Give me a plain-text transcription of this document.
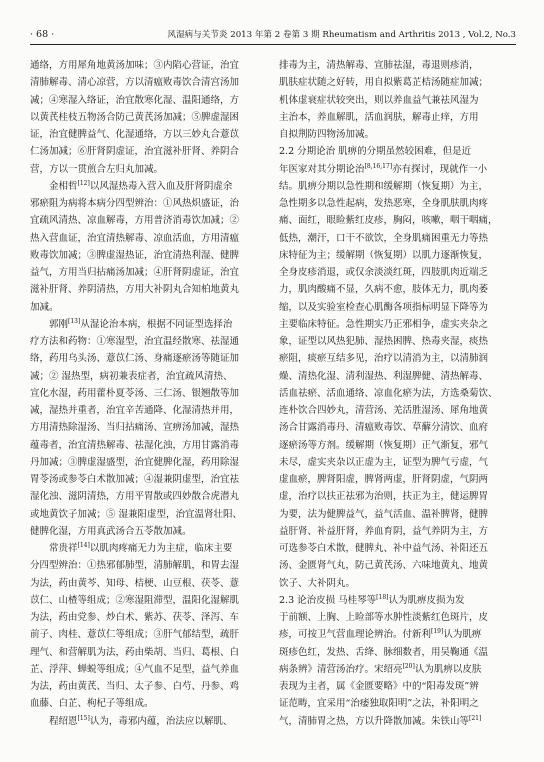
· 68 ·	风湿病与关节炎 2013 年第 2 卷第 3 期 Rheumatism and Arthritis 2013 , Vol.2, No.3
通络，方用犀角地黄汤加味；③内陷心营证，治宜
清肺解毒、清心凉营，方以清瘟败毒饮合清宫汤加
减；④寒湿入络证，治宜散寒化湿、温阳通络，方
以黄芪桂枝五物汤合防己黄芪汤加减；⑤脾虚湿困
证，治宜健脾益气、化湿通络，方以三妙丸合薏苡
仁汤加减；⑥肝肾阴虚证，治宜滋补肝肾、养阴合
营，方以一贯煎合左归丸加减。
金相哲[12]以风湿热毒入营入血及肝肾阴虚余
邪瘀阻为病将本病分四型辨治：①风热炽盛证，治
宜疏风清热、凉血解毒，方用普济消毒饮加减；②
热入营血证，治宜清热解毒、凉血活血，方用清瘟
败毒饮加减；③脾虚湿热证，治宜清热利湿、健脾
益气，方用当归拈痛汤加减；④肝肾阴虚证，治宜
滋补肝肾、养阴清热，方用大补阴丸合知柏地黄丸
加减。
郭刚[13]从湿论治本病，根据不同证型选择治
疗方法和药物：①寒湿型，治宜温经散寒、祛湿通
络，药用乌头汤、薏苡仁汤、身痛逐瘀汤等随证加
减；② 湿热型，病初兼表症者，治宜疏风清热、
宣化水湿，药用藿朴夏苓汤、三仁汤、银翘散等加
减，湿热并重者，治宜辛苦通降、化湿清热并用，
方用清热除湿汤、当归拈痛汤、宣痹汤加减，湿热
蕴毒者，治宜清热解毒、祛湿化浊，方用甘露消毒
丹加减；③脾虚湿盛型，治宜健脾化湿，药用除湿
胃苓汤或参苓白术散加减；④湿兼阴虚型，治宜祛
湿化浊、滋阴清热，方用平胃散或四妙散合虎潜丸
或地黄饮子加减；⑤ 湿兼阳虚型，治宜温肾壮阳、
健脾化湿，方用真武汤合五苓散加减。
常贵祥[14]以肌肉疼痛无力为主症，临床主要
分四型辨治：①热邪郁肺型，清肺解肌，和胃去湿
为法，药由黄芩、知母、桔梗、山豆根、茯苓、薏
苡仁、山楂等组成；②寒湿阻滞型，温阳化湿解肌
为法，药由党参、炒白术、紫苏、茯苓、泽泻、车
前子、肉桂、薏苡仁等组成；③肝气郁结型，疏肝
理气、和营解肌为法，药由柴胡、当归、葛根、白
芷、浮萍、蝉蜕等组成；④气血不足型，益气养血
为法，药由黄芪、当归、太子参、白芍、丹参、鸡
血藤、白芷、枸杞子等组成。
程绍恩[15]认为，毒邪内蕴，治法应以解肌、
排毒为主，清热解毒、宣肺祛湿，毒退则疹消，
肌肤症状随之好转，用自拟紫葛芷桔汤随症加减；
机体虚衰症状较突出，则以养血益气兼祛风湿为
主治本，养血解肌，活血润肤，解毒止痒，方用
自拟荆防四物汤加减。
2.2 分期论治 肌痹的分期虽然较困难，但是近
年医家对其分期论治[8,16,17]亦有探讨，现就作一小
结。肌痹分期以急性期和缓解期（恢复期）为主，
急性期多以急性起病，发热恶寒，全身肌肤肌肉疼
痛、面红，眼睑紫红皮疹，胸闷，咳嗽，咽干咽痛，
低热，潮汗，口干不欲饮，全身肌痛困重无力等热
床特征为主；缓解期（恢复期）以肌力逐渐恢复，
全身皮疹消退，或仅余淡淡红斑，四肢肌肉近端乏
力，肌肉酸痛不显，久病不愈，肢体无力，肌肉萎
缩，以及实验室检查心肌酶各项指标明显下降等为
主要临床特征。急性期实乃正邪相争，虚实夹杂之
象，证型以风热犯肺、湿热困脾、热毒夹湿，痰热
瘀阻，痰瘀互结多见，治疗以清消为主，以清肺润
燥、清热化湿、清利湿热、利湿脾健、清热解毒、
活血祛瘀、活血通络、凉血化瘀为法，方选桑菊饮、
连朴饮合四妙丸，清营汤、羌活胜湿汤、犀角地黄
汤合甘露消毒丹、清瘟败毒饮、草薢分清饮、血府
逐瘀汤等方剂。缓解期（恢复期）正气渐复，邪气
未尽，虚实夹杂以正虚为主，证型为脾气亏虚，气
虚血瘀，脾肾阳虚，脾肾两虚，肝肾阴虚，气阴两
虚，治疗以扶正祛邪为治则，扶正为主，健运脾胃
为要，法为健脾益气，益气活血、温补脾肾，健脾
益肝肾、补益肝肾，养血育阴，益气养阴为主，方
可选参苓白术散，健脾丸、补中益气汤、补阳还五
汤、金匮肾气丸，防己黄芪汤、六味地黄丸、地黄
饮子、大补阴丸。
2.3 论治皮损 马桂琴等[18]认为肌痹皮损为发
于前额、上胸、上睑部等水肿性淡紫红色斑片，皮
疹，可按卫气营血理论辨治。付新利[19]认为肌痹
斑疹色红，发热、舌绛、脉细数者，用吴鞠通《温
病条辨》清营汤治疗。宋绍亮[20]认为肌痹以皮肤
表现为主者，属《金匮要略》中的“阳毒发斑”辨
证范畴，宜采用“治痿独取阳明”之法，补阳明之
气，清肺胃之热，方以升降散加减。朱铁山等[21]
